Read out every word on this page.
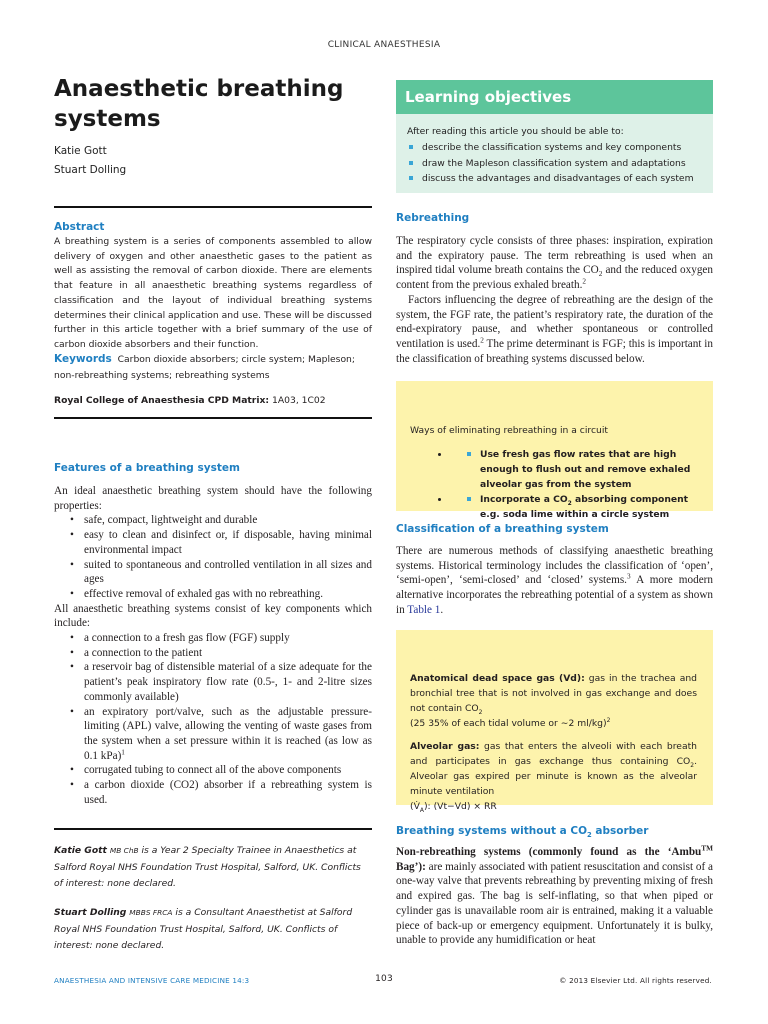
CLINICAL ANAESTHESIA
Anaesthetic breathing
systems
Katie Gott
Stuart Dolling
Abstract
A breathing system is a series of components assembled to allow delivery of oxygen and other anaesthetic gases to the patient as well as assisting the removal of carbon dioxide. There are elements that feature in all anaesthetic breathing systems regardless of classification and the layout of individual breathing systems determines their clinical application and use. These will be discussed further in this article together with a brief summary of the use of carbon dioxide absorbers and their function.
Keywords Carbon dioxide absorbers; circle system; Mapleson; non-rebreathing systems; rebreathing systems
Royal College of Anaesthesia CPD Matrix: 1A03, 1C02
Features of a breathing system

An ideal anaesthetic breathing system should have the following properties:

• safe, compact, lightweight and durable
• easy to clean and disinfect or, if disposable, having minimal environmental impact
• suited to spontaneous and controlled ventilation in all sizes and ages
• effective removal of exhaled gas with no rebreathing.

All anaesthetic breathing systems consist of key components which include:

• a connection to a fresh gas flow (FGF) supply
• a connection to the patient
• a reservoir bag of distensible material of a size adequate for the patient’s peak inspiratory flow rate (0.5-, 1- and 2-litre sizes commonly available)
• an expiratory port/valve, such as the adjustable pressure-limiting (APL) valve, allowing the venting of waste gases from the system when a set pressure within it is reached (as low as 0.1 kPa)$^1$
• corrugated tubing to connect all of the above components
• a carbon dioxide (CO2) absorber if a rebreathing system is used.
Katie Gott MB ChB is a Year 2 Specialty Trainee in Anaesthetics at Salford Royal NHS Foundation Trust Hospital, Salford, UK. Conflicts of interest: none declared.
Stuart Dolling MBBS FRCA is a Consultant Anaesthetist at Salford Royal NHS Foundation Trust Hospital, Salford, UK. Conflicts of interest: none declared.
Learning objectives
After reading this article you should be able to:
describe the classification systems and key components
draw the Mapleson classification system and adaptations
discuss the advantages and disadvantages of each system
Rebreathing

The respiratory cycle consists of three phases: inspiration, expiration and the expiratory pause. The term rebreathing is used when an inspired tidal volume breath contains the $CO_2$ and the reduced oxygen content from the previous exhaled breath.$^2$

Factors influencing the degree of rebreathing are the design of the system, the FGF rate, the patient’s respiratory rate, the duration of the end-expiratory pause, and whether spontaneous or controlled ventilation is used.$^2$ The prime determinant is FGF; this is important in the classification of breathing systems discussed below.

Ways of eliminating rebreathing in a circuit
• Use fresh gas flow rates that are high enough to flush out and remove exhaled alveolar gas from the system
• Incorporate a $CO_2$ absorbing component e.g. soda lime within a circle system
Classification of a breathing system

There are numerous methods of classifying anaesthetic breathing systems. Historical terminology includes the classification of ‘open’, ‘semi-open’, ‘semi-closed’ and ‘closed’ systems.$^3$ A more modern alternative incorporates the rebreathing potential of a system as shown in Table 1.

Anatomical dead space gas (Vd): gas in the trachea and bronchial tree that is not involved in gas exchange and does not contain $CO_2$
(25 35% of each tidal volume or ∼2 ml/kg)$^2$
Alveolar gas: gas that enters the alveoli with each breath and participates in gas exchange thus containing $CO_2$. Alveolar gas expired per minute is known as the alveolar minute ventilation
$(V̇_A)$: (Vt−Vd) × RR
Breathing systems without a $CO_2$ absorber

Non-rebreathing systems (commonly found as the ‘Ambu™ Bag’): are mainly associated with patient resuscitation and consist of a one-way valve that prevents rebreathing by preventing mixing of fresh and expired gas. The bag is self-inflating, so that when piped or cylinder gas is unavailable room air is entrained, making it a valuable piece of back-up or emergency equipment. Unfortunately it is bulky, unable to provide any humidification or heat

ANAESTHESIA AND INTENSIVE CARE MEDICINE 14:3	103	© 2013 Elsevier Ltd. All rights reserved.
